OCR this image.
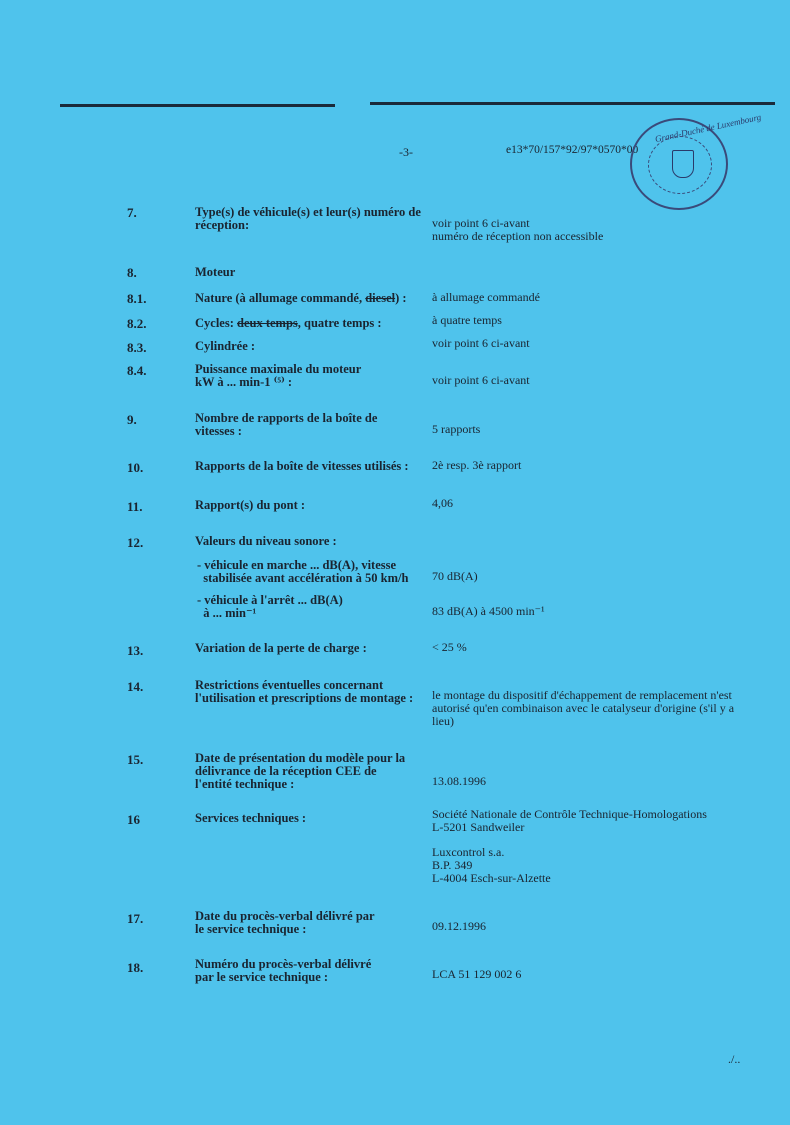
-3-	e13*70/157*92/97*0570*00
Grand-Duché de Luxembourg
7.	Type(s) de véhicule(s) et leur(s) numéro de réception:	voir point 6 ci-avant
numéro de réception non accessible
8.	Moteur
8.1.	Nature (à allumage commandé, diesel) :	à allumage commandé
8.2.	Cycles: deux temps, quatre temps :	à quatre temps
8.3.	Cylindrée :	voir point 6 ci-avant
8.4.	Puissance maximale du moteur
kW à ... min-1 ⁽⁵⁾ :	voir point 6 ci-avant
9.	Nombre de rapports de la boîte de vitesses :	5 rapports
10.	Rapports de la boîte de vitesses utilisés :	2è resp. 3è rapport
11.	Rapport(s) du pont :	4,06
12.	Valeurs du niveau sonore :
- véhicule en marche ... dB(A), vitesse
stabilisée avant accélération à 50 km/h	70 dB(A)
- véhicule à l'arrêt ... dB(A)
à ... min⁻¹	83 dB(A) à 4500 min⁻¹
13.	Variation de la perte de charge :	< 25 %
14.	Restrictions éventuelles concernant l'utilisation et prescriptions de montage :	le montage du dispositif d'échappement de remplacement n'est autorisé qu'en combinaison avec le catalyseur d'origine (s'il y a lieu)
15.	Date de présentation du modèle pour la délivrance de la réception CEE de l'entité technique :	13.08.1996
16	Services techniques :	Société Nationale de Contrôle Technique-Homologations
L-5201 Sandweiler
Luxcontrol s.a.
B.P. 349
L-4004 Esch-sur-Alzette
17.	Date du procès-verbal délivré par le service technique :	09.12.1996
18.	Numéro du procès-verbal délivré par le service technique :	LCA 51 129 002 6
./..
